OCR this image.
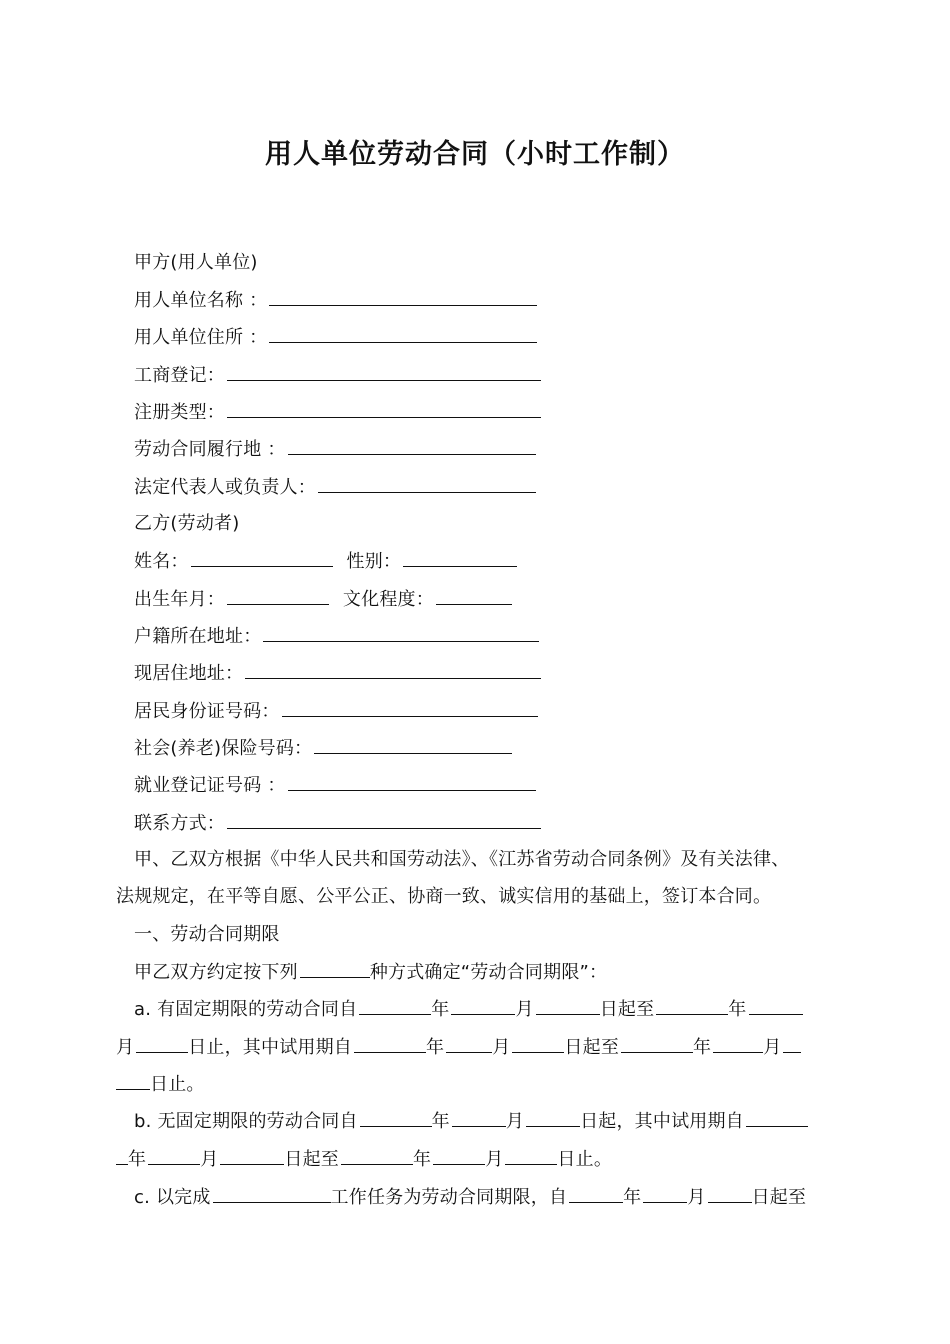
用人单位劳动合同（小时工作制）
甲方(用人单位)
用人单位名称 ：
用人单位住所 ：
工商登记：
注册类型：
劳动合同履行地 ：
法定代表人或负责人：
乙方(劳动者)
姓名：	性别：
出生年月：	文化程度：
户籍所在地址：
现居住地址：
居民身份证号码：
社会(养老)保险号码：
就业登记证号码 ：
联系方式：
甲、乙双方根据《中华人民共和国劳动法》、《江苏省劳动合同条例》及有关法律、
法规规定，在平等自愿、公平公正、协商一致、诚实信用的基础上，签订本合同。
一、劳动合同期限
甲乙双方约定按下列	种方式确定“劳动合同期限”：
a. 有固定期限的劳动合同自	年	月	日起至	年
月	日止，其中试用期自	年	月	日起至	年	月
日止。
b. 无固定期限的劳动合同自	年	月	日起，其中试用期自
年	月	日起至	年	月	日止。
c. 以完成	工作任务为劳动合同期限，自	年	月	日起至
